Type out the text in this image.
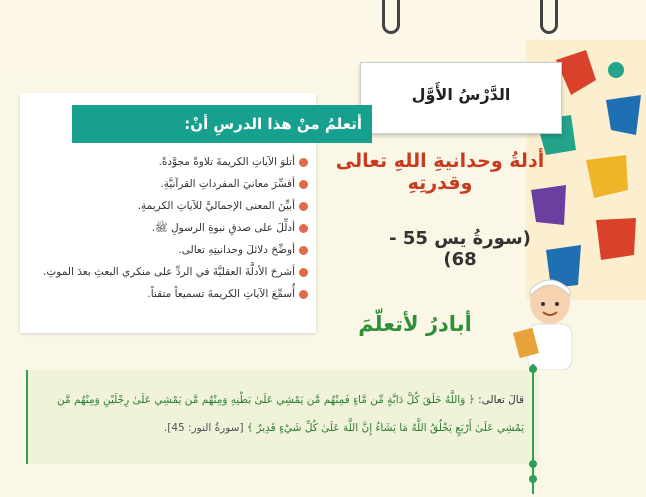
الدَّرْسُ الأَوَّل
أدلةُ وحدانيةِ اللهِ تعالى وقدرتِهِ
(سورةُ يس 55 - 68)
أتعلمُ منْ هذا الدرسِ أنْ:
أتلوَ الآياتِ الكريمةَ تلاوةً مجوَّدةً.
أفسِّرَ معانيَ المفرداتِ القرآنيَّةِ.
أبيِّنَ المعنى الإجماليَّ للآياتِ الكريمةِ.
أدلِّلَ على صدقِ نبوةِ الرسولِ ﷺ.
أوضِّحَ دلائلَ وحدانيتِهِ تعالى.
أشرحَ الأدلَّةَ العقليَّةَ في الردِّ على منكري البعثِ بعدَ الموتِ.
أُسمِّعَ الآياتِ الكريمةَ تسميعاً متقناً.
أبادرُ لأتعلّمَ
قالَ تعالى: ﴿ وَاللَّهُ خَلَقَ كُلَّ دَابَّةٍ مِّن مَّاءٍ فَمِنْهُم مَّن يَمْشِي عَلَىٰ بَطْنِهِ وَمِنْهُم مَّن يَمْشِي عَلَىٰ رِجْلَيْنِ وَمِنْهُم مَّن
يَمْشِي عَلَىٰ أَرْبَعٍ يَخْلُقُ اللَّهُ مَا يَشَاءُ إِنَّ اللَّهَ عَلَىٰ كُلِّ شَيْءٍ قَدِيرٌ ﴾ [سورةُ النور: 45].
